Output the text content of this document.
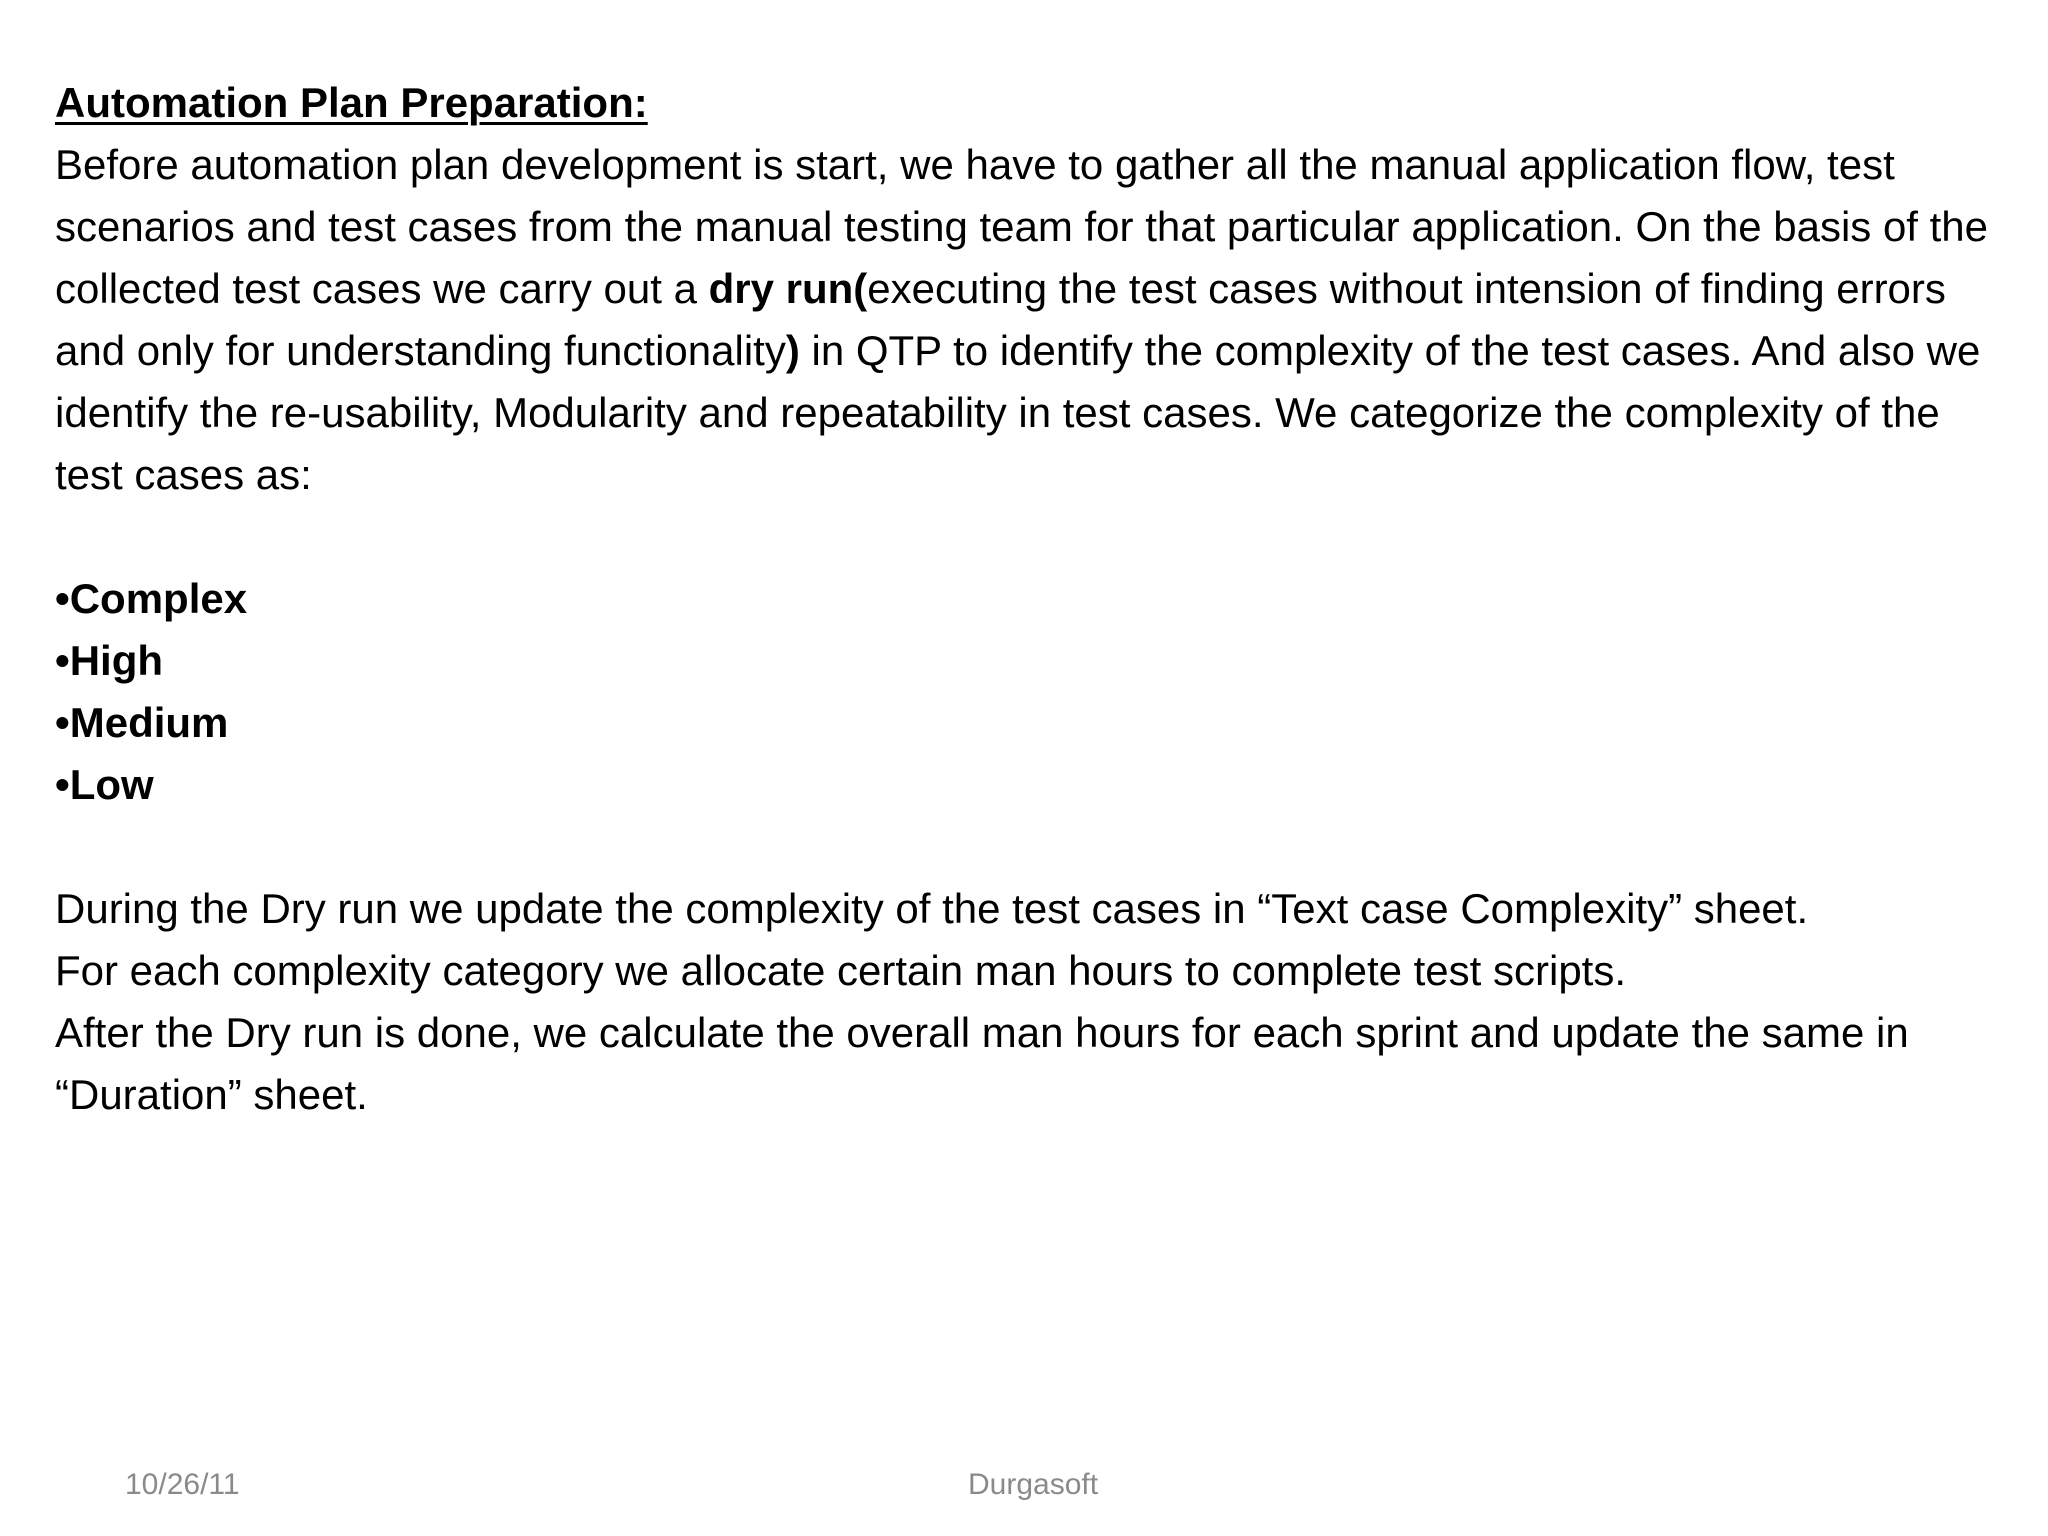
Automation Plan Preparation:
Before automation plan development is start, we have to gather all the manual application flow, test scenarios and test cases from the manual testing team for that particular application. On the basis of the collected test cases we carry out a dry run(executing the test cases without intension of finding errors and only for understanding functionality) in QTP to identify the complexity of the test cases. And also we identify the re-usability, Modularity and repeatability in test cases. We categorize the complexity of the test cases as:
•Complex
•High
•Medium
•Low
During the Dry run we update the complexity of the test cases in “Text case Complexity” sheet.
For each complexity category we allocate certain man hours to complete test scripts.
After the Dry run is done, we calculate the overall man hours for each sprint and update the same in “Duration” sheet.
10/26/11	Durgasoft
